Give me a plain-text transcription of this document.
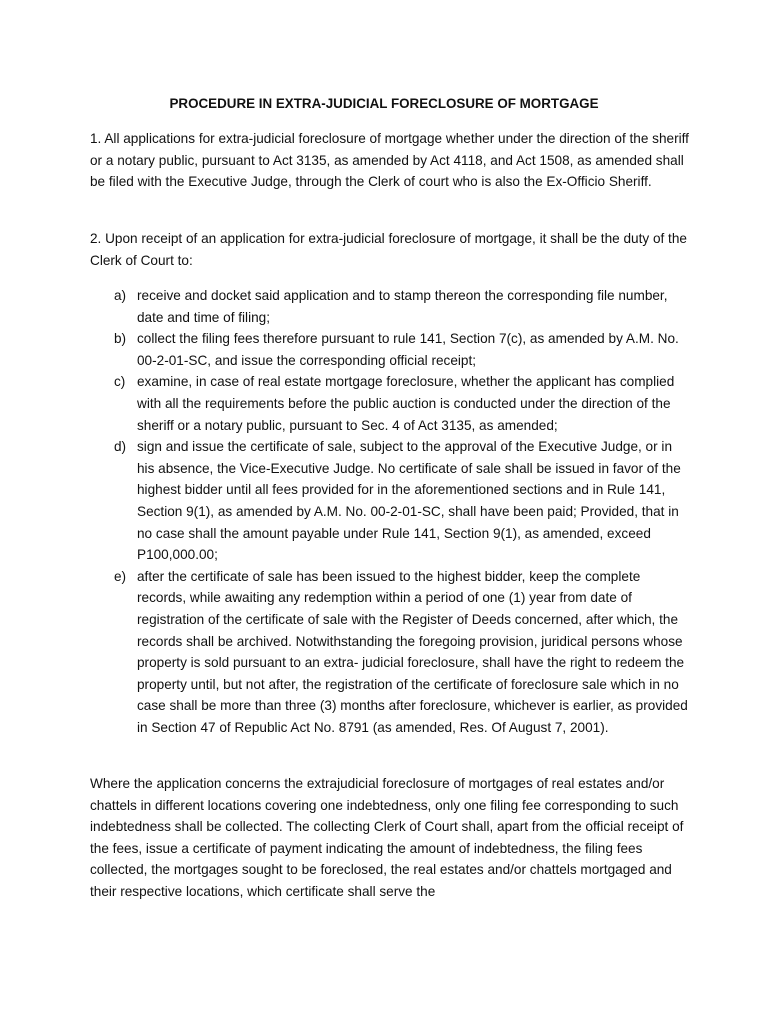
PROCEDURE IN EXTRA-JUDICIAL FORECLOSURE OF MORTGAGE

1. All applications for extra-judicial foreclosure of mortgage whether under the direction of the sheriff or a notary public, pursuant to Act 3135, as amended by Act 4118, and Act 1508, as amended shall be filed with the Executive Judge, through the Clerk of court who is also the Ex-Officio Sheriff.

2. Upon receipt of an application for extra-judicial foreclosure of mortgage, it shall be the duty of the Clerk of Court to:

a) receive and docket said application and to stamp thereon the corresponding file number, date and time of filing;
b) collect the filing fees therefore pursuant to rule 141, Section 7(c), as amended by A.M. No. 00-2-01-SC, and issue the corresponding official receipt;
c) examine, in case of real estate mortgage foreclosure, whether the applicant has complied with all the requirements before the public auction is conducted under the direction of the sheriff or a notary public, pursuant to Sec. 4 of Act 3135, as amended;
d) sign and issue the certificate of sale, subject to the approval of the Executive Judge, or in his absence, the Vice-Executive Judge. No certificate of sale shall be issued in favor of the highest bidder until all fees provided for in the aforementioned sections and in Rule 141, Section 9(1), as amended by A.M. No. 00-2-01-SC, shall have been paid; Provided, that in no case shall the amount payable under Rule 141, Section 9(1), as amended, exceed P100,000.00;
e) after the certificate of sale has been issued to the highest bidder, keep the complete records, while awaiting any redemption within a period of one (1) year from date of registration of the certificate of sale with the Register of Deeds concerned, after which, the records shall be archived. Notwithstanding the foregoing provision, juridical persons whose property is sold pursuant to an extra- judicial foreclosure, shall have the right to redeem the property until, but not after, the registration of the certificate of foreclosure sale which in no case shall be more than three (3) months after foreclosure, whichever is earlier, as provided in Section 47 of Republic Act No. 8791 (as amended, Res. Of August 7, 2001).

Where the application concerns the extrajudicial foreclosure of mortgages of real estates and/or chattels in different locations covering one indebtedness, only one filing fee corresponding to such indebtedness shall be collected. The collecting Clerk of Court shall, apart from the official receipt of the fees, issue a certificate of payment indicating the amount of indebtedness, the filing fees collected, the mortgages sought to be foreclosed, the real estates and/or chattels mortgaged and their respective locations, which certificate shall serve the
